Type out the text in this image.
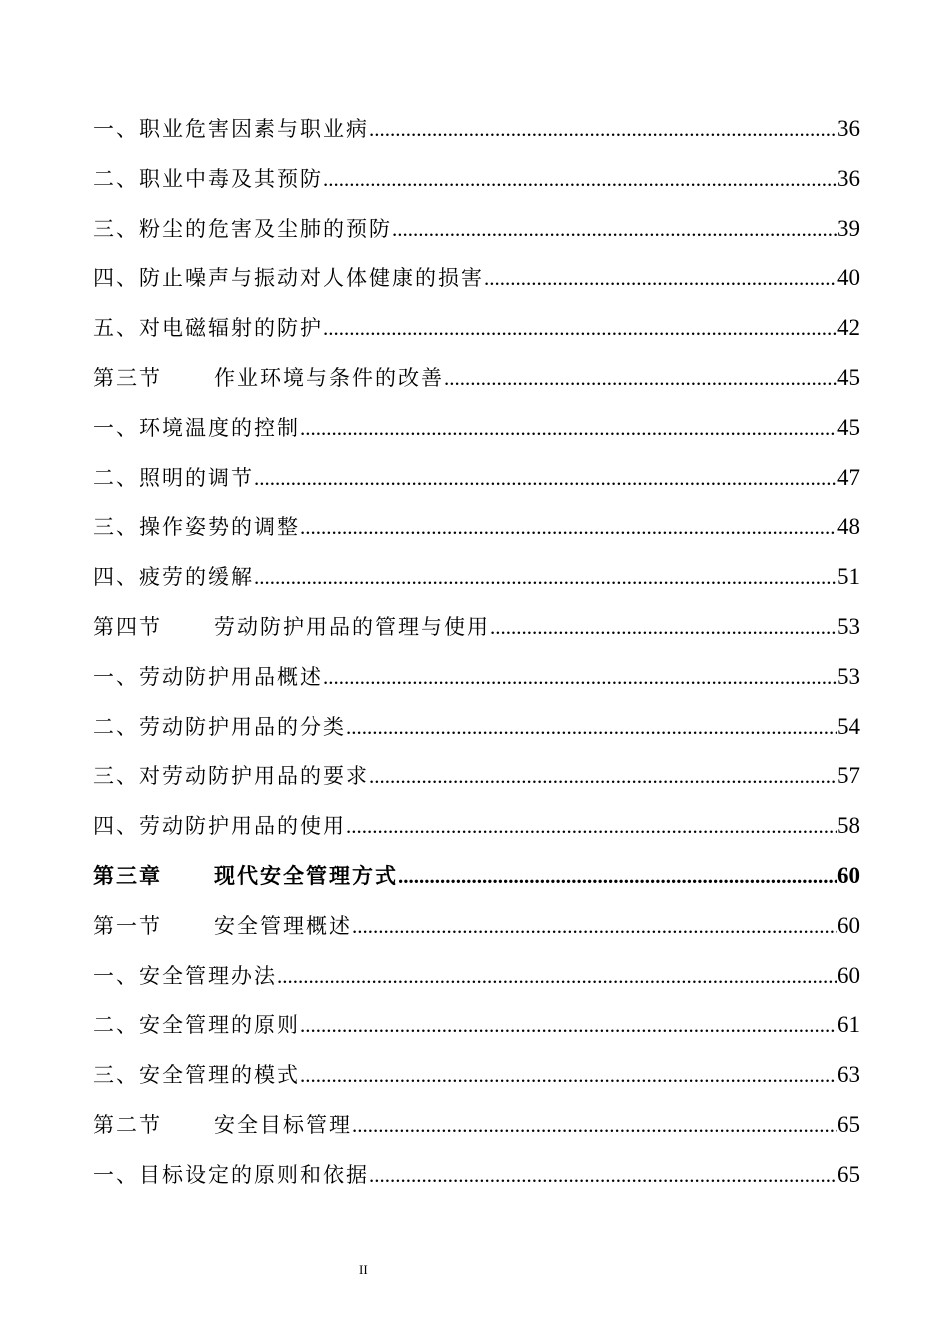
一、职业危害因素与职业病 .....	36
二、职业中毒及其预防 .....	36
三、粉尘的危害及尘肺的预防 .....	39
四、防止噪声与振动对人体健康的损害 .....	40
五、对电磁辐射的防护 .....	42
第三节	作业环境与条件的改善 .....	45
一、环境温度的控制 .....	45
二、照明的调节 .....	47
三、操作姿势的调整 .....	48
四、疲劳的缓解 .....	51
第四节	劳动防护用品的管理与使用 .....	53
一、劳动防护用品概述 .....	53
二、劳动防护用品的分类 .....	54
三、对劳动防护用品的要求 .....	57
四、劳动防护用品的使用 .....	58
第三章	现代安全管理方式 .....	60
第一节	安全管理概述 .....	60
一、安全管理办法 .....	60
二、安全管理的原则 .....	61
三、安全管理的模式 .....	63
第二节	安全目标管理 .....	65
一、目标设定的原则和依据 .....	65
II
